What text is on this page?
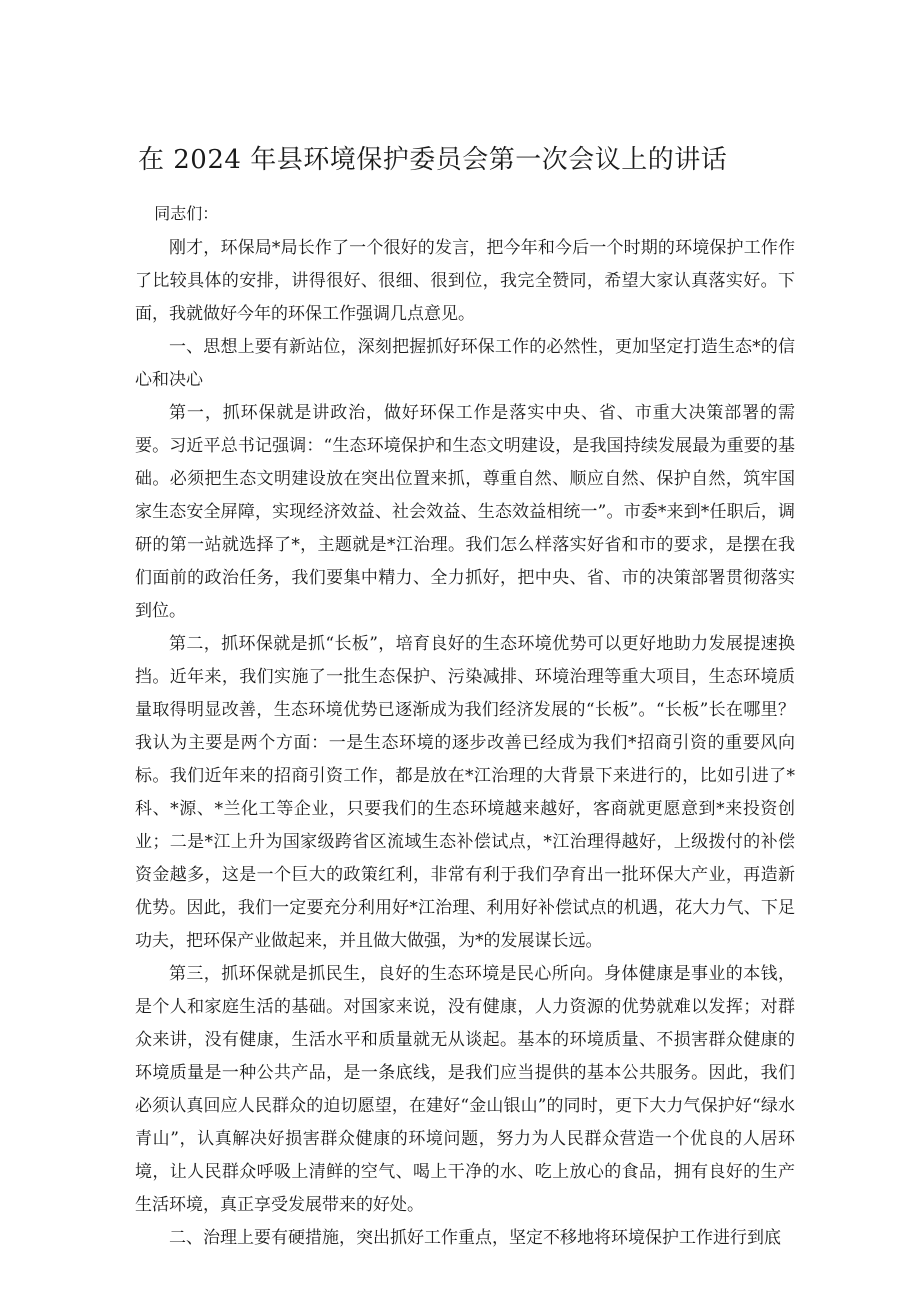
在 2024 年县环境保护委员会第一次会议上的讲话

同志们：

刚才，环保局*局长作了一个很好的发言，把今年和今后一个时期的环境保护工作作了比较具体的安排，讲得很好、很细、很到位，我完全赞同，希望大家认真落实好。下面，我就做好今年的环保工作强调几点意见。

一、思想上要有新站位，深刻把握抓好环保工作的必然性，更加坚定打造生态*的信心和决心

第一，抓环保就是讲政治，做好环保工作是落实中央、省、市重大决策部署的需要。习近平总书记强调：“生态环境保护和生态文明建设，是我国持续发展最为重要的基础。必须把生态文明建设放在突出位置来抓，尊重自然、顺应自然、保护自然，筑牢国家生态安全屏障，实现经济效益、社会效益、生态效益相统一”。市委*来到*任职后，调研的第一站就选择了*，主题就是*江治理。我们怎么样落实好省和市的要求，是摆在我们面前的政治任务，我们要集中精力、全力抓好，把中央、省、市的决策部署贯彻落实到位。

第二，抓环保就是抓“长板”，培育良好的生态环境优势可以更好地助力发展提速换挡。近年来，我们实施了一批生态保护、污染减排、环境治理等重大项目，生态环境质量取得明显改善，生态环境优势已逐渐成为我们经济发展的“长板”。“长板”长在哪里？我认为主要是两个方面：一是生态环境的逐步改善已经成为我们*招商引资的重要风向标。我们近年来的招商引资工作，都是放在*江治理的大背景下来进行的，比如引进了*科、*源、*兰化工等企业，只要我们的生态环境越来越好，客商就更愿意到*来投资创业；二是*江上升为国家级跨省区流域生态补偿试点，*江治理得越好，上级拨付的补偿资金越多，这是一个巨大的政策红利，非常有利于我们孕育出一批环保大产业，再造新优势。因此，我们一定要充分利用好*江治理、利用好补偿试点的机遇，花大力气、下足功夫，把环保产业做起来，并且做大做强，为*的发展谋长远。

第三，抓环保就是抓民生，良好的生态环境是民心所向。身体健康是事业的本钱，是个人和家庭生活的基础。对国家来说，没有健康，人力资源的优势就难以发挥；对群众来讲，没有健康，生活水平和质量就无从谈起。基本的环境质量、不损害群众健康的环境质量是一种公共产品，是一条底线，是我们应当提供的基本公共服务。因此，我们必须认真回应人民群众的迫切愿望，在建好“金山银山”的同时，更下大力气保护好“绿水青山”，认真解决好损害群众健康的环境问题，努力为人民群众营造一个优良的人居环境，让人民群众呼吸上清鲜的空气、喝上干净的水、吃上放心的食品，拥有良好的生产生活环境，真正享受发展带来的好处。

二、治理上要有硬措施，突出抓好工作重点，坚定不移地将环境保护工作进行到底
